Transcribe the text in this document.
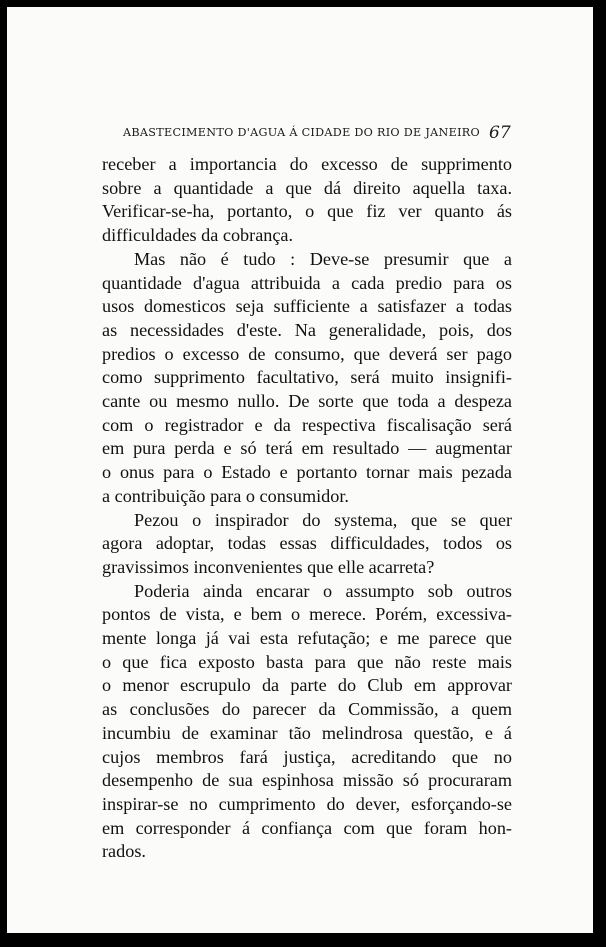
ABASTECIMENTO D'AGUA Á CIDADE DO RIO DE JANEIRO 67

receber a importancia do excesso de supprimento
sobre a quantidade a que dá direito aquella taxa.
Verificar-se-ha, portanto, o que fiz ver quanto ás
difficuldades da cobrança.

Mas não é tudo : Deve-se presumir que a
quantidade d'agua attribuida a cada predio para os
usos domesticos seja sufficiente a satisfazer a todas
as necessidades d'este. Na generalidade, pois, dos
predios o excesso de consumo, que deverá ser pago
como supprimento facultativo, será muito insignifi-
cante ou mesmo nullo. De sorte que toda a despeza
com o registrador e da respectiva fiscalisação será
em pura perda e só terá em resultado — augmentar
o onus para o Estado e portanto tornar mais pezada
a contribuição para o consumidor.

Pezou o inspirador do systema, que se quer
agora adoptar, todas essas difficuldades, todos os
gravissimos inconvenientes que elle acarreta?

Poderia ainda encarar o assumpto sob outros
pontos de vista, e bem o merece. Porém, excessiva-
mente longa já vai esta refutação; e me parece que
o que fica exposto basta para que não reste mais
o menor escrupulo da parte do Club em approvar
as conclusões do parecer da Commissão, a quem
incumbiu de examinar tão melindrosa questão, e á
cujos membros fará justiça, acreditando que no
desempenho de sua espinhosa missão só procuraram
inspirar-se no cumprimento do dever, esforçando-se
em corresponder á confiança com que foram hon-
rados.
